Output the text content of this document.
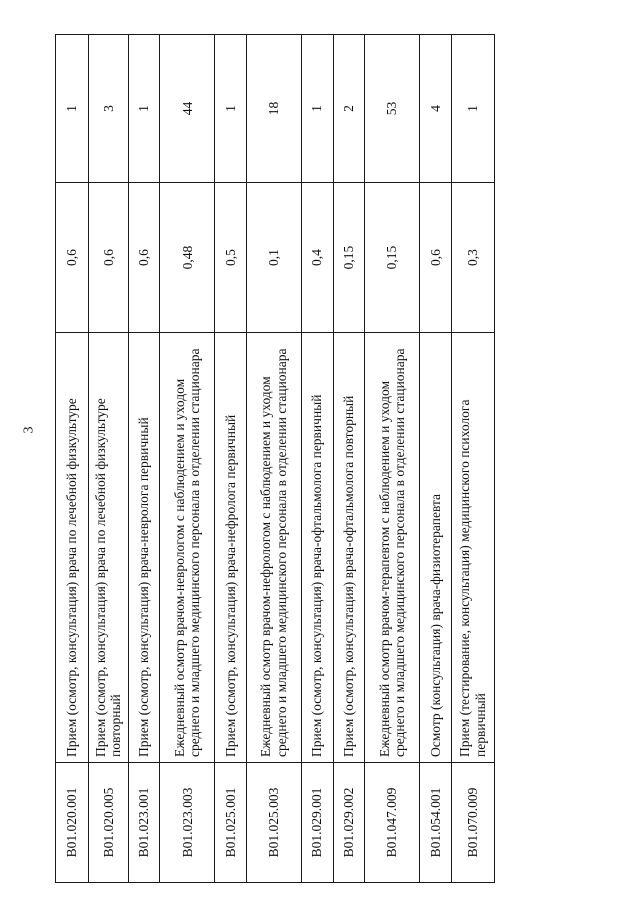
3
B01.020.001	Прием (осмотр, консультация) врача по лечебной физкультуре	0,6	1
B01.020.005	Прием (осмотр, консультация) врача по лечебной физкультуре повторный	0,6	3
B01.023.001	Прием (осмотр, консультация) врача-невролога первичный	0,6	1
B01.023.003	Ежедневный осмотр врачом-неврологом с наблюдением и уходом среднего и младшего медицинского персонала в отделении стационара	0,48	44
B01.025.001	Прием (осмотр, консультация) врача-нефролога первичный	0,5	1
B01.025.003	Ежедневный осмотр врачом-нефрологом с наблюдением и уходом среднего и младшего медицинского персонала в отделении стационара	0,1	18
B01.029.001	Прием (осмотр, консультация) врача-офтальмолога первичный	0,4	1
B01.029.002	Прием (осмотр, консультация) врача-офтальмолога повторный	0,15	2
B01.047.009	Ежедневный осмотр врачом-терапевтом с наблюдением и уходом среднего и младшего медицинского персонала в отделении стационара	0,15	53
B01.054.001	Осмотр (консультация) врача-физиотерапевта	0,6	4
B01.070.009	Прием (тестирование, консультация) медицинского психолога первичный	0,3	1
